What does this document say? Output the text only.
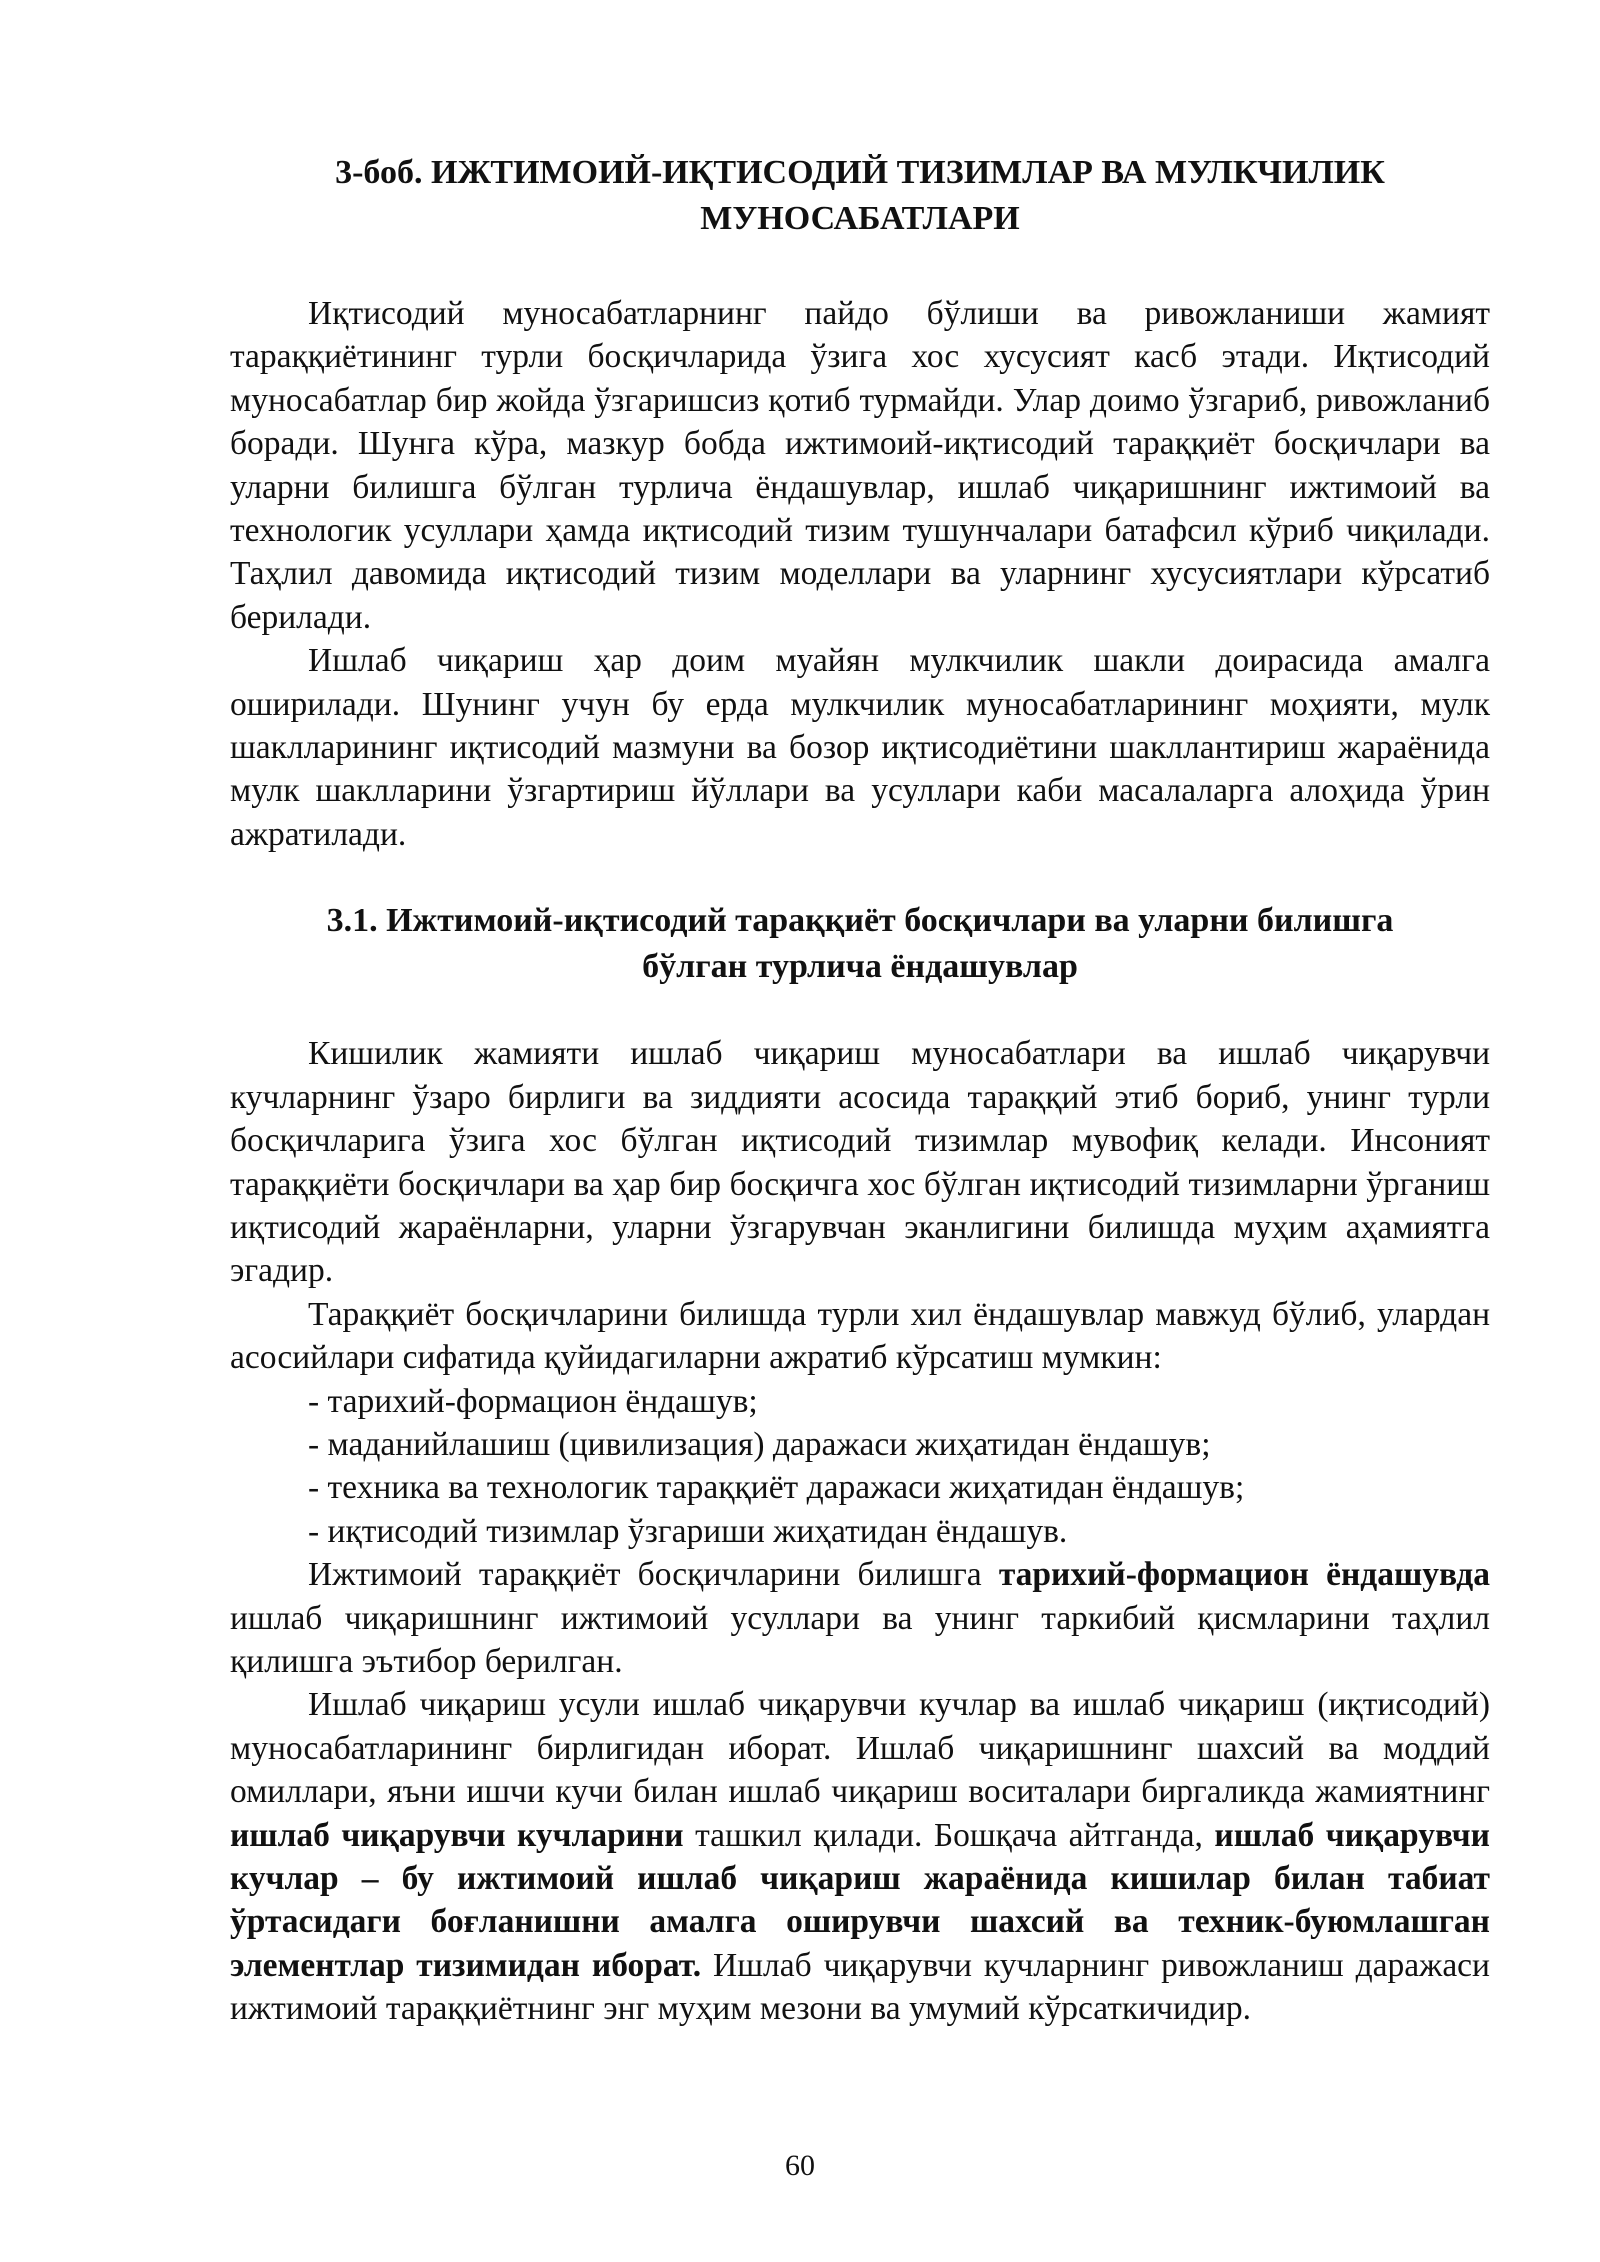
3-боб. ИЖТИМОИЙ-ИҚТИСОДИЙ ТИЗИМЛАР ВА МУЛКЧИЛИК
МУНОСАБАТЛАРИ

Иқтисодий муносабатларнинг пайдо бўлиши ва ривожланиши жамият тараққиётининг турли босқичларида ўзига хос хусусият касб этади. Иқтисодий муносабатлар бир жойда ўзгаришсиз қотиб турмайди. Улар доимо ўзгариб, ривожланиб боради. Шунга кўра, мазкур бобда ижтимоий-иқтисодий тараққиёт босқичлари ва уларни билишга бўлган турлича ёндашувлар, ишлаб чиқаришнинг ижтимоий ва технологик усуллари ҳамда иқтисодий тизим тушунчалари батафсил кўриб чиқилади. Таҳлил давомида иқтисодий тизим моделлари ва уларнинг хусусиятлари кўрсатиб берилади.

Ишлаб чиқариш ҳар доим муайян мулкчилик шакли доирасида амалга оширилади. Шунинг учун бу ерда мулкчилик муносабатларининг моҳияти, мулк шаклларининг иқтисодий мазмуни ва бозор иқтисодиётини шакллантириш жараёнида мулк шаклларини ўзгартириш йўллари ва усуллари каби масалаларга алоҳида ўрин ажратилади.

3.1. Ижтимоий-иқтисодий тараққиёт босқичлари ва уларни билишга
бўлган турлича ёндашувлар

Кишилик жамияти ишлаб чиқариш муносабатлари ва ишлаб чиқарувчи кучларнинг ўзаро бирлиги ва зиддияти асосида тараққий этиб бориб, унинг турли босқичларига ўзига хос бўлган иқтисодий тизимлар мувофиқ келади. Инсоният тараққиёти босқичлари ва ҳар бир босқичга хос бўлган иқтисодий тизимларни ўрганиш иқтисодий жараёнларни, уларни ўзгарувчан эканлигини билишда муҳим аҳамиятга эгадир.

Тараққиёт босқичларини билишда турли хил ёндашувлар мавжуд бўлиб, улардан асосийлари сифатида қуйидагиларни ажратиб кўрсатиш мумкин:

- тарихий-формацион ёндашув;

- маданийлашиш (цивилизация) даражаси жиҳатидан ёндашув;

- техника ва технологик тараққиёт даражаси жиҳатидан ёндашув;

- иқтисодий тизимлар ўзгариши жиҳатидан ёндашув.

Ижтимоий тараққиёт босқичларини билишга тарихий-формацион ёндашувда ишлаб чиқаришнинг ижтимоий усуллари ва унинг таркибий қисмларини таҳлил қилишга эътибор берилган.

Ишлаб чиқариш усули ишлаб чиқарувчи кучлар ва ишлаб чиқариш (иқтисодий) муносабатларининг бирлигидан иборат. Ишлаб чиқаришнинг шахсий ва моддий омиллари, яъни ишчи кучи билан ишлаб чиқариш воситалари биргаликда жамиятнинг ишлаб чиқарувчи кучларини ташкил қилади. Бошқача айтганда, ишлаб чиқарувчи кучлар – бу ижтимоий ишлаб чиқариш жараёнида кишилар билан табиат ўртасидаги боғланишни амалга оширувчи шахсий ва техник-буюмлашган элементлар тизимидан иборат. Ишлаб чиқарувчи кучларнинг ривожланиш даражаси ижтимоий тараққиётнинг энг муҳим мезони ва умумий кўрсаткичидир.

60
